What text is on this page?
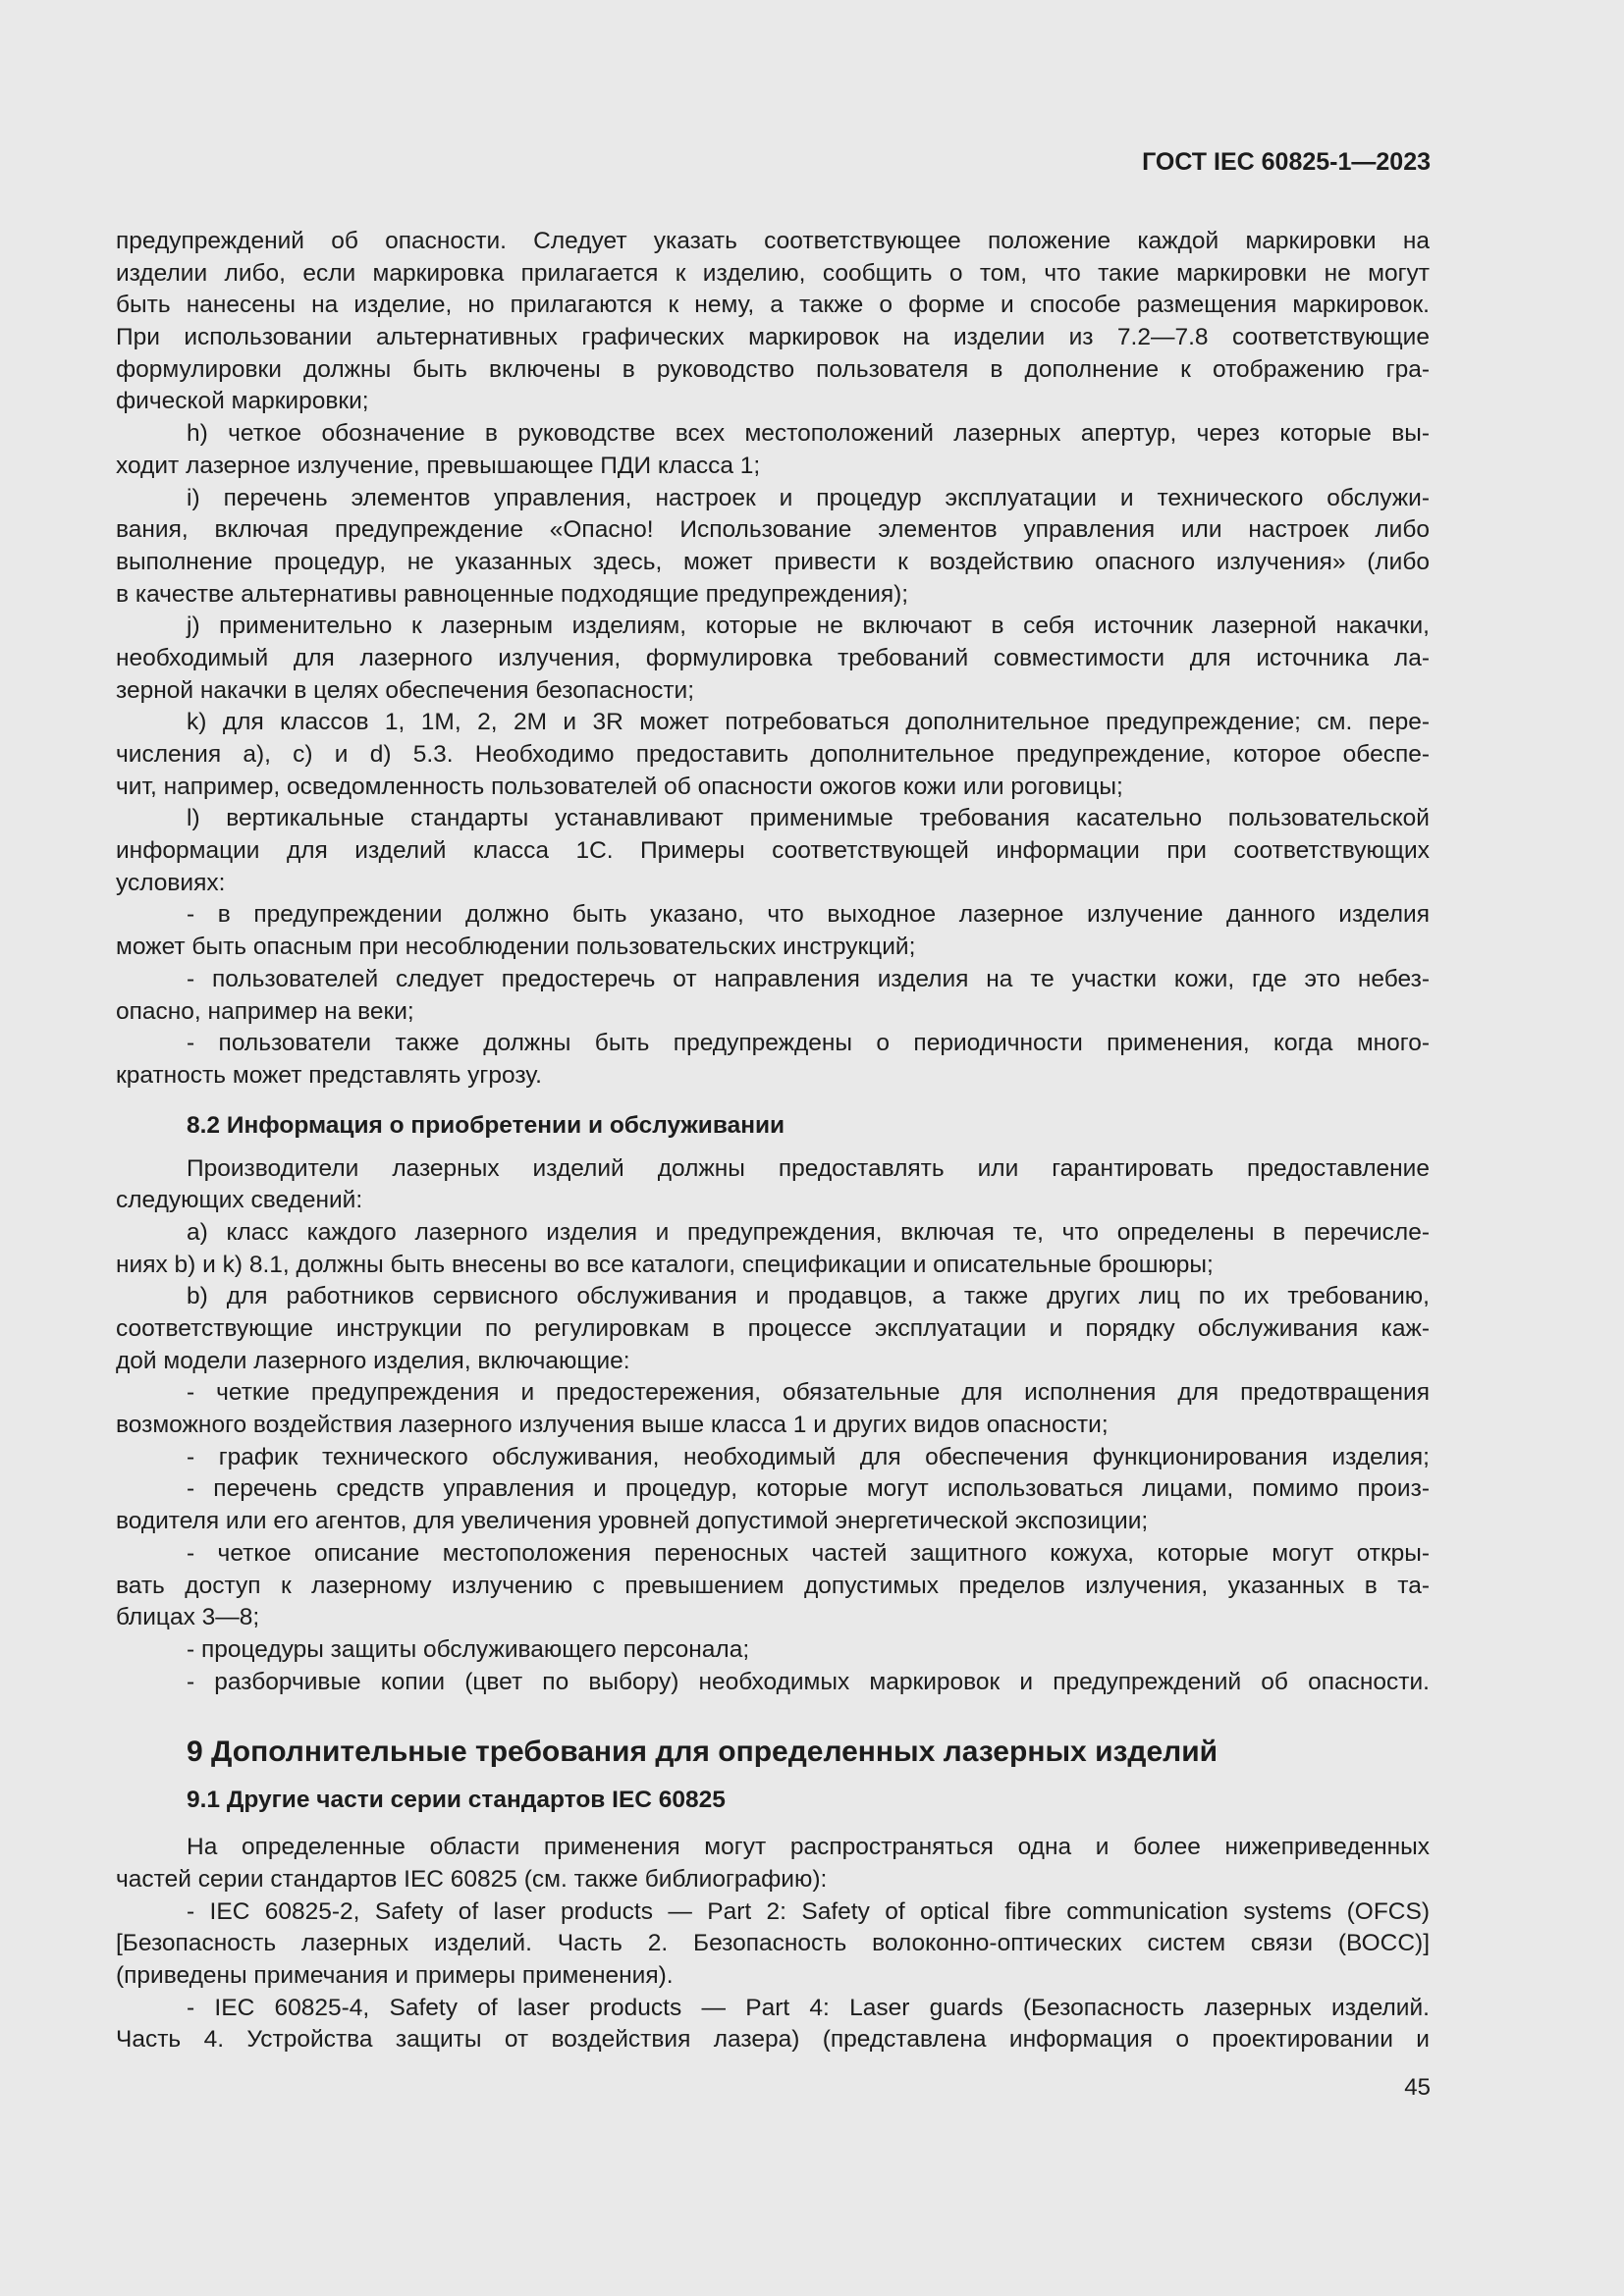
ГОСТ IEC 60825-1—2023
предупреждений об опасности. Следует указать соответствующее положение каждой маркировки на
изделии либо, если маркировка прилагается к изделию, сообщить о том, что такие маркировки не могут
быть нанесены на изделие, но прилагаются к нему, а также о форме и способе размещения маркировок.
При использовании альтернативных графических маркировок на изделии из 7.2—7.8 соответствующие
формулировки должны быть включены в руководство пользователя в дополнение к отображению гра-
фической маркировки;
h) четкое обозначение в руководстве всех местоположений лазерных апертур, через которые вы-
ходит лазерное излучение, превышающее ПДИ класса 1;
i) перечень элементов управления, настроек и процедур эксплуатации и технического обслужи-
вания, включая предупреждение «Опасно! Использование элементов управления или настроек либо
выполнение процедур, не указанных здесь, может привести к воздействию опасного излучения» (либо
в качестве альтернативы равноценные подходящие предупреждения);
j) применительно к лазерным изделиям, которые не включают в себя источник лазерной накачки,
необходимый для лазерного излучения, формулировка требований совместимости для источника ла-
зерной накачки в целях обеспечения безопасности;
k) для классов 1, 1M, 2, 2M и 3R может потребоваться дополнительное предупреждение; см. пере-
числения a), c) и d) 5.3. Необходимо предоставить дополнительное предупреждение, которое обеспе-
чит, например, осведомленность пользователей об опасности ожогов кожи или роговицы;
l) вертикальные стандарты устанавливают применимые требования касательно пользовательской
информации для изделий класса 1С. Примеры соответствующей информации при соответствующих
условиях:
- в предупреждении должно быть указано, что выходное лазерное излучение данного изделия
может быть опасным при несоблюдении пользовательских инструкций;
- пользователей следует предостеречь от направления изделия на те участки кожи, где это небез-
опасно, например на веки;
- пользователи также должны быть предупреждены о периодичности применения, когда много-
кратность может представлять угрозу.
8.2 Информация о приобретении и обслуживании
Производители лазерных изделий должны предоставлять или гарантировать предоставление
следующих сведений:
a) класс каждого лазерного изделия и предупреждения, включая те, что определены в перечисле-
ниях b) и k) 8.1, должны быть внесены во все каталоги, спецификации и описательные брошюры;
b) для работников сервисного обслуживания и продавцов, а также других лиц по их требованию,
соответствующие инструкции по регулировкам в процессе эксплуатации и порядку обслуживания каж-
дой модели лазерного изделия, включающие:
- четкие предупреждения и предостережения, обязательные для исполнения для предотвращения
возможного воздействия лазерного излучения выше класса 1 и других видов опасности;
- график технического обслуживания, необходимый для обеспечения функционирования изделия;
- перечень средств управления и процедур, которые могут использоваться лицами, помимо произ-
водителя или его агентов, для увеличения уровней допустимой энергетической экспозиции;
- четкое описание местоположения переносных частей защитного кожуха, которые могут откры-
вать доступ к лазерному излучению с превышением допустимых пределов излучения, указанных в та-
блицах 3—8;
- процедуры защиты обслуживающего персонала;
- разборчивые копии (цвет по выбору) необходимых маркировок и предупреждений об опасности.
9 Дополнительные требования для определенных лазерных изделий
9.1 Другие части серии стандартов IEC 60825
На определенные области применения могут распространяться одна и более нижеприведенных
частей серии стандартов IEC 60825 (см. также библиографию):
- IEC 60825-2, Safety of laser products — Part 2: Safety of optical fibre communication systems (OFCS)
[Безопасность лазерных изделий. Часть 2. Безопасность волоконно-оптических систем связи (ВОСС)]
(приведены примечания и примеры применения).
- IEC 60825-4, Safety of laser products — Part 4: Laser guards (Безопасность лазерных изделий.
Часть 4. Устройства защиты от воздействия лазера) (представлена информация о проектировании и
45
